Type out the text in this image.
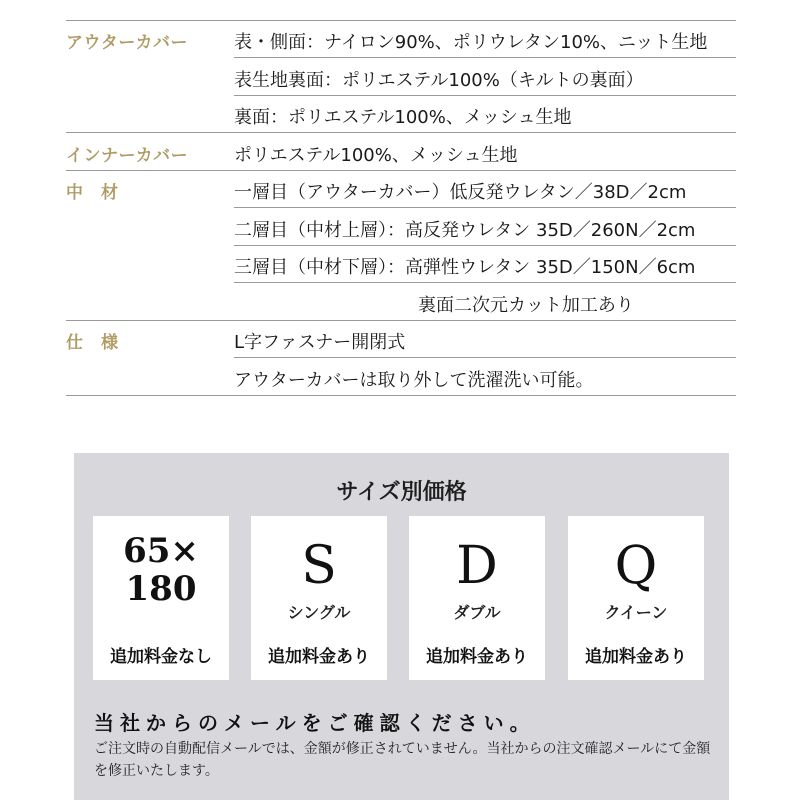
アウターカバー	表・側面：ナイロン90%、ポリウレタン10%、ニット生地
表生地裏面：ポリエステル100%（キルトの裏面）
裏面：ポリエステル100%、メッシュ生地
インナーカバー	ポリエステル100%、メッシュ生地
中　材	一層目（アウターカバー）低反発ウレタン／38D／2cm
二層目（中材上層）：高反発ウレタン 35D／260N／2cm
三層目（中材下層）：高弾性ウレタン 35D／150N／6cm
裏面二次元カット加工あり
仕　様	L字ファスナー開閉式
アウターカバーは取り外して洗濯洗い可能。
サイズ別価格
65×
180
追加料金なし
S
シングル
追加料金あり
D
ダブル
追加料金あり
Q
クイーン
追加料金あり
当社からのメールをご確認ください。
ご注文時の自動配信メールでは、金額が修正されていません。当社からの注文確認メールにて金額を修正いたします。
